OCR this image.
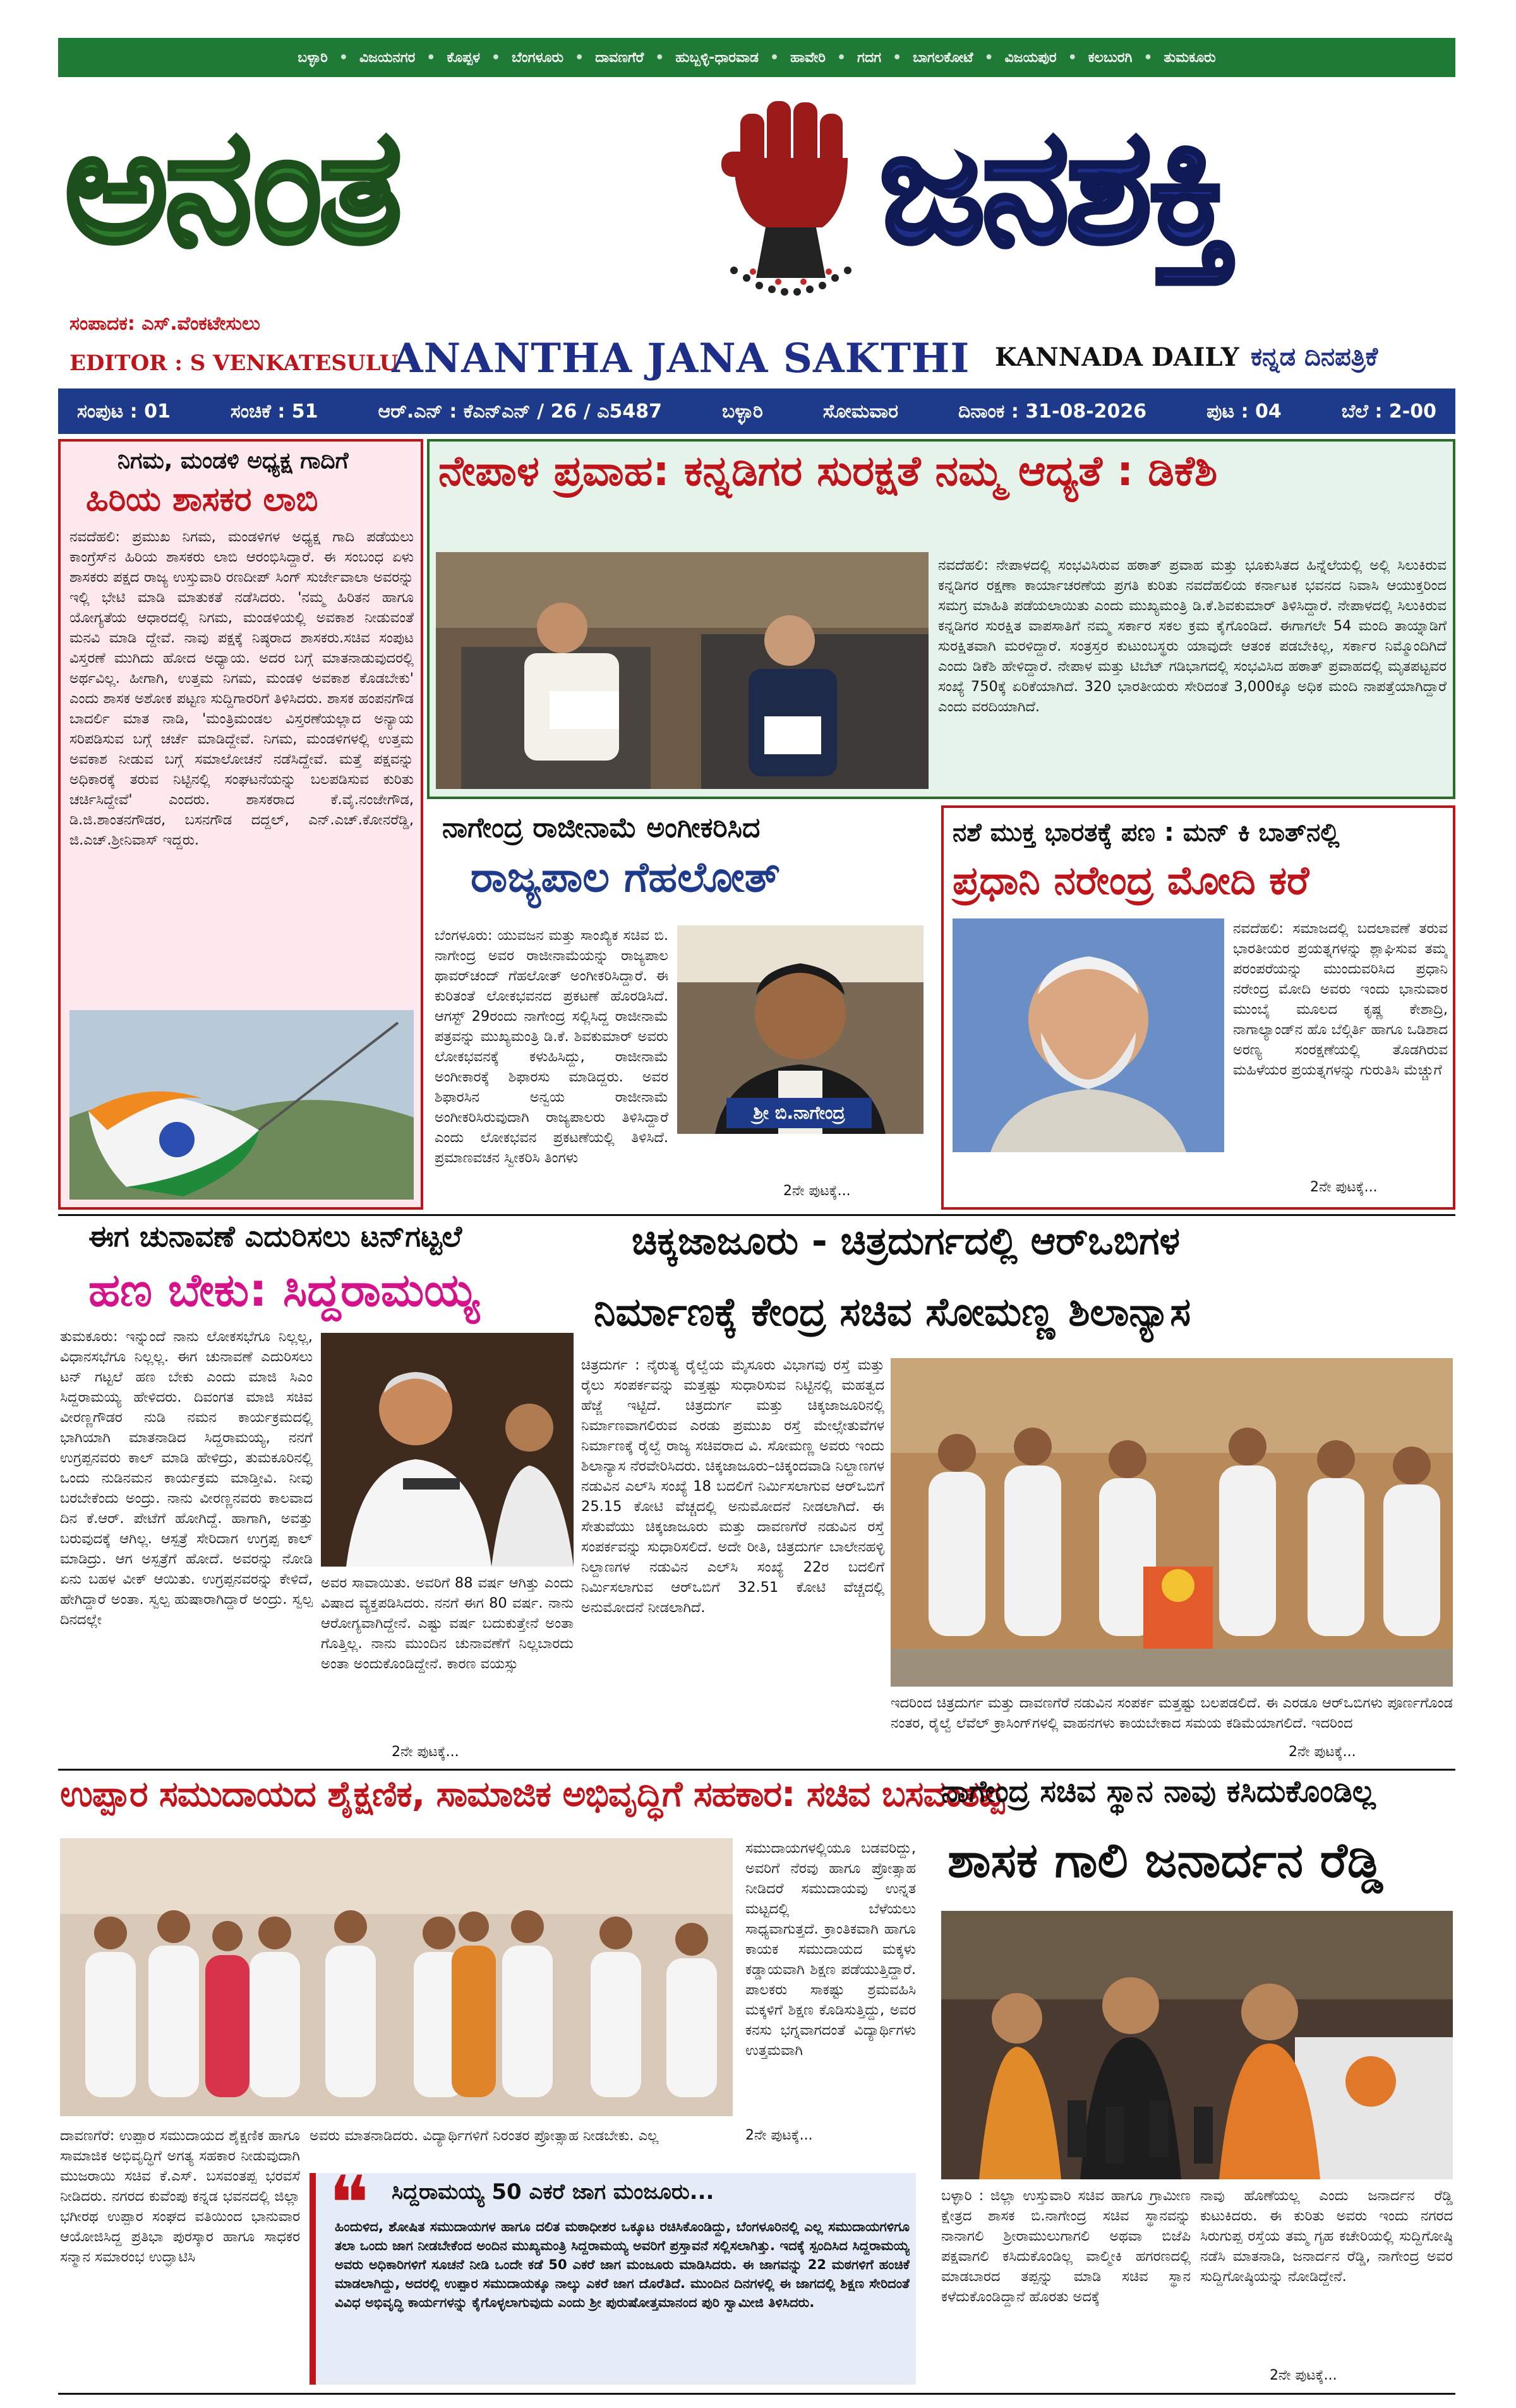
ಬಳ್ಳಾರಿ • ವಿಜಯನಗರ • ಕೊಪ್ಪಳ • ಬೆಂಗಳೂರು • ದಾವಣಗೆರೆ • ಹುಬ್ಬಳ್ಳಿ-ಧಾರವಾಡ • ಹಾವೇರಿ • ಗದಗ • ಬಾಗಲಕೋಟೆ • ವಿಜಯಪುರ • ಕಲಬುರಗಿ • ತುಮಕೂರು
ಅನಂತ	ಜನಶಕ್ತಿ
ಸಂಪಾದಕ: ಎಸ್.ವೆಂಕಟೇಸುಲು
EDITOR : S VENKATESULU
ANANTHA JANA SAKTHI KANNADA DAILY ಕನ್ನಡ ದಿನಪತ್ರಿಕೆ
ಸಂಪುಟ : 01	ಸಂಚಿಕೆ : 51	ಆರ್.ಎನ್ : ಕೆಎನ್ಎನ್ / 26 / ಎ5487	ಬಳ್ಳಾರಿ	ಸೋಮವಾರ	ದಿನಾಂಕ : 31-08-2026	ಪುಟ : 04	ಬೆಲೆ : 2-00
ನಿಗಮ, ಮಂಡಳಿ ಅಧ್ಯಕ್ಷ ಗಾದಿಗೆ
ಹಿರಿಯ ಶಾಸಕರ ಲಾಬಿ
ನವದೆಹಲಿ: ಪ್ರಮುಖ ನಿಗಮ, ಮಂಡಳಿಗಳ ಅಧ್ಯಕ್ಷ ಗಾದಿ ಪಡೆಯಲು ಕಾಂಗ್ರೆಸ್‌ನ ಹಿರಿಯ ಶಾಸಕರು ಲಾಬಿ ಆರಂಭಿಸಿದ್ದಾರೆ. ಈ ಸಂಬಂಧ ಏಳು ಶಾಸಕರು ಪಕ್ಷದ ರಾಜ್ಯ ಉಸ್ತುವಾರಿ ರಣದೀಪ್ ಸಿಂಗ್ ಸುರ್ಜೇವಾಲಾ ಅವರನ್ನು ಇಲ್ಲಿ ಭೇಟಿ ಮಾಡಿ ಮಾತುಕತೆ ನಡೆಸಿದರು. 'ನಮ್ಮ ಹಿರಿತನ ಹಾಗೂ ಯೋಗ್ಯತೆಯ ಆಧಾರದಲ್ಲಿ ನಿಗಮ, ಮಂಡಳಿಯಲ್ಲಿ ಅವಕಾಶ ನೀಡುವಂತೆ ಮನವಿ ಮಾಡಿ ದ್ದೇವೆ. ನಾವು ಪಕ್ಷಕ್ಕೆ ನಿಷ್ಠರಾದ ಶಾಸಕರು.ಸಚಿವ ಸಂಪುಟ ವಿಸ್ತರಣೆ ಮುಗಿದು ಹೋದ ಅಧ್ಯಾಯ. ಅದರ ಬಗ್ಗೆ ಮಾತನಾಡುವುದರಲ್ಲಿ ಅರ್ಥವಿಲ್ಲ. ಹೀಗಾಗಿ, ಉತ್ತಮ ನಿಗಮ, ಮಂಡಳಿ ಅವಕಾಶ ಕೊಡಬೇಕು' ಎಂದು ಶಾಸಕ ಅಶೋಕ ಪಟ್ಟಣ ಸುದ್ದಿಗಾರರಿಗೆ ತಿಳಿಸಿದರು. ಶಾಸಕ ಹಂಪನಗೌಡ ಬಾದರ್ಲಿ ಮಾತ ನಾಡಿ, 'ಮಂತ್ರಿಮಂಡಲ ವಿಸ್ತರಣೆಯಲ್ಲಾದ ಅನ್ಯಾಯ ಸರಿಪಡಿಸುವ ಬಗ್ಗೆ ಚರ್ಚೆ ಮಾಡಿದ್ದೇವೆ. ನಿಗಮ, ಮಂಡಳಿಗಳಲ್ಲಿ ಉತ್ತಮ ಅವಕಾಶ ನೀಡುವ ಬಗ್ಗೆ ಸಮಾಲೋಚನೆ ನಡೆಸಿದ್ದೇವೆ. ಮತ್ತೆ ಪಕ್ಷವನ್ನು ಅಧಿಕಾರಕ್ಕೆ ತರುವ ನಿಟ್ಟಿನಲ್ಲಿ ಸಂಘಟನೆಯನ್ನು ಬಲಪಡಿಸುವ ಕುರಿತು ಚರ್ಚಿಸಿದ್ದೇವೆ' ಎಂದರು. ಶಾಸಕರಾದ ಕೆ.ವೈ.ನಂಜೇಗೌಡ, ಡಿ.ಜಿ.ಶಾಂತನಗೌಡರ, ಬಸನಗೌಡ ದದ್ದಲ್, ಎನ್.ಎಚ್.ಕೋನರೆಡ್ಡಿ, ಜಿ.ಎಚ್.ಶ್ರೀನಿವಾಸ್ ಇದ್ದರು.
ನೇಪಾಳ ಪ್ರವಾಹ: ಕನ್ನಡಿಗರ ಸುರಕ್ಷತೆ ನಮ್ಮ ಆದ್ಯತೆ : ಡಿಕೆಶಿ
ನವದೆಹಲಿ: ನೇಪಾಳದಲ್ಲಿ ಸಂಭವಿಸಿರುವ ಹಠಾತ್ ಪ್ರವಾಹ ಮತ್ತು ಭೂಕುಸಿತದ ಹಿನ್ನೆಲೆಯಲ್ಲಿ ಅಲ್ಲಿ ಸಿಲುಕಿರುವ ಕನ್ನಡಿಗರ ರಕ್ಷಣಾ ಕಾರ್ಯಾಚರಣೆಯ ಪ್ರಗತಿ ಕುರಿತು ನವದೆಹಲಿಯ ಕರ್ನಾಟಕ ಭವನದ ನಿವಾಸಿ ಆಯುಕ್ತರಿಂದ ಸಮಗ್ರ ಮಾಹಿತಿ ಪಡೆಯಲಾಯಿತು ಎಂದು ಮುಖ್ಯಮಂತ್ರಿ ಡಿ.ಕೆ.ಶಿವಕುಮಾರ್ ತಿಳಿಸಿದ್ದಾರೆ. ನೇಪಾಳದಲ್ಲಿ ಸಿಲುಕಿರುವ ಕನ್ನಡಿಗರ ಸುರಕ್ಷಿತ ವಾಪಸಾತಿಗೆ ನಮ್ಮ ಸರ್ಕಾರ ಸಕಲ ಕ್ರಮ ಕೈಗೊಂಡಿದೆ. ಈಗಾಗಲೇ 54 ಮಂದಿ ತಾಯ್ನಾಡಿಗೆ ಸುರಕ್ಷಿತವಾಗಿ ಮರಳಿದ್ದಾರೆ. ಸಂತ್ರಸ್ತರ ಕುಟುಂಬಸ್ಥರು ಯಾವುದೇ ಆತಂಕ ಪಡಬೇಕಿಲ್ಲ, ಸರ್ಕಾರ ನಿಮ್ಮೊಂದಿಗಿದೆ ಎಂದು ಡಿಕೆಶಿ ಹೇಳಿದ್ದಾರೆ. ನೇಪಾಳ ಮತ್ತು ಟಿಬೆಟ್ ಗಡಿಭಾಗದಲ್ಲಿ ಸಂಭವಿಸಿದ ಹಠಾತ್ ಪ್ರವಾಹದಲ್ಲಿ ಮೃತಪಟ್ಟವರ ಸಂಖ್ಯೆ 750ಕ್ಕೆ ಏರಿಕೆಯಾಗಿದೆ. 320 ಭಾರತೀಯರು ಸೇರಿದಂತೆ 3,000ಕ್ಕೂ ಅಧಿಕ ಮಂದಿ ನಾಪತ್ತೆಯಾಗಿದ್ದಾರೆ ಎಂದು ವರದಿಯಾಗಿದೆ.
ನಾಗೇಂದ್ರ ರಾಜೀನಾಮೆ ಅಂಗೀಕರಿಸಿದ
ರಾಜ್ಯಪಾಲ ಗೆಹಲೋತ್
ಬೆಂಗಳೂರು: ಯುವಜನ ಮತ್ತು ಸಾಂಖ್ಯಿಕ ಸಚಿವ ಬಿ. ನಾಗೇಂದ್ರ ಅವರ ರಾಜೀನಾಮೆಯನ್ನು ರಾಜ್ಯಪಾಲ ಥಾವರ್‌ಚಂದ್ ಗೆಹಲೋತ್ ಅಂಗೀಕರಿಸಿದ್ದಾರೆ. ಈ ಕುರಿತಂತೆ ಲೋಕಭವನದ ಪ್ರಕಟಣೆ ಹೊರಡಿಸಿದೆ. ಆಗಸ್ಟ್ 29ರಂದು ನಾಗೇಂದ್ರ ಸಲ್ಲಿಸಿದ್ದ ರಾಜೀನಾಮೆ ಪತ್ರವನ್ನು ಮುಖ್ಯಮಂತ್ರಿ ಡಿ.ಕೆ. ಶಿವಕುಮಾರ್ ಅವರು ಲೋಕಭವನಕ್ಕೆ ಕಳುಹಿಸಿದ್ದು, ರಾಜೀನಾಮೆ ಅಂಗೀಕಾರಕ್ಕೆ ಶಿಫಾರಸು ಮಾಡಿದ್ದರು. ಅವರ ಶಿಫಾರಸಿನ ಅನ್ವಯ ರಾಜೀನಾಮೆ ಅಂಗೀಕರಿಸಿರುವುದಾಗಿ ರಾಜ್ಯಪಾಲರು ತಿಳಿಸಿದ್ದಾರೆ ಎಂದು ಲೋಕಭವನ ಪ್ರಕಟಣೆಯಲ್ಲಿ ತಿಳಿಸಿದೆ. ಪ್ರಮಾಣವಚನ ಸ್ವೀಕರಿಸಿ ತಿಂಗಳು
ಶ್ರೀ ಬಿ.ನಾಗೇಂದ್ರ
2ನೇ ಪುಟಕ್ಕೆ...
ನಶೆ ಮುಕ್ತ ಭಾರತಕ್ಕೆ ಪಣ : ಮನ್ ಕಿ ಬಾತ್‌ನಲ್ಲಿ
ಪ್ರಧಾನಿ ನರೇಂದ್ರ ಮೋದಿ ಕರೆ
ನವದೆಹಲಿ: ಸಮಾಜದಲ್ಲಿ ಬದಲಾವಣೆ ತರುವ ಭಾರತೀಯರ ಪ್ರಯತ್ನಗಳನ್ನು ಶ್ಲಾಘಿಸುವ ತಮ್ಮ ಪರಂಪರೆಯನ್ನು ಮುಂದುವರಿಸಿದ ಪ್ರಧಾನಿ ನರೇಂದ್ರ ಮೋದಿ ಅವರು ಇಂದು ಭಾನುವಾರ ಮುಂಬೈ ಮೂಲದ ಕೃಷ್ಣ ಕೇಶಾದ್ರಿ, ನಾಗಾಲ್ಯಾಂಡ್‌ನ ಹೊ ಬೆಲ್ಗಿರ್ತಿ ಹಾಗೂ ಒಡಿಶಾದ ಅರಣ್ಯ ಸಂರಕ್ಷಣೆಯಲ್ಲಿ ತೊಡಗಿರುವ ಮಹಿಳೆಯರ ಪ್ರಯತ್ನಗಳನ್ನು ಗುರುತಿಸಿ ಮೆಚ್ಚುಗೆ
2ನೇ ಪುಟಕ್ಕೆ...
ಈಗ ಚುನಾವಣೆ ಎದುರಿಸಲು ಟನ್‌ಗಟ್ಟಲೆ
ಹಣ ಬೇಕು: ಸಿದ್ದರಾಮಯ್ಯ
ತುಮಕೂರು: ಇನ್ನುಂದೆ ನಾನು ಲೋಕಸಭೆಗೂ ನಿಲ್ಲಲ್ಲ, ವಿಧಾನಸಭೆಗೂ ನಿಲ್ಲಲ್ಲ. ಈಗ ಚುನಾವಣೆ ಎದುರಿಸಲು ಟನ್ ಗಟ್ಟಲೆ ಹಣ ಬೇಕು ಎಂದು ಮಾಜಿ ಸಿಎಂ ಸಿದ್ದರಾಮಯ್ಯ ಹೇಳಿದರು. ದಿವಂಗತ ಮಾಜಿ ಸಚಿವ ವೀರಣ್ಣಗೌಡರ ನುಡಿ ನಮನ ಕಾರ್ಯಕ್ರಮದಲ್ಲಿ ಭಾಗಿಯಾಗಿ ಮಾತನಾಡಿದ ಸಿದ್ದರಾಮಯ್ಯ, ನನಗೆ ಉಗ್ರಪ್ಪನವರು ಕಾಲ್ ಮಾಡಿ ಹೇಳಿದ್ರು, ತುಮಕೂರಿನಲ್ಲಿ ಒಂದು ನುಡಿನಮನ ಕಾರ್ಯಕ್ರಮ ಮಾಡ್ತೀವಿ. ನೀವು ಬರಬೇಕೆಂದು ಅಂದ್ರು. ನಾನು ವೀರಣ್ಣನವರು ಕಾಲವಾದ ದಿನ ಕೆ.ಆರ್. ಪೇಟೆಗೆ ಹೋಗಿದ್ದೆ. ಹಾಗಾಗಿ, ಅವತ್ತು ಬರುವುದಕ್ಕೆ ಆಗಿಲ್ಲ. ಆಸ್ಪತ್ರೆ ಸೇರಿದಾಗ ಉಗ್ರಪ್ಪ ಕಾಲ್ ಮಾಡಿದ್ರು. ಆಗ ಅಸ್ಪತ್ರೆಗೆ ಹೋದೆ. ಅವರನ್ನು ನೋಡಿ ಏನು ಬಹಳ ವೀಕ್ ಆಯಿತು. ಉಗ್ರಪ್ಪನವರನ್ನು ಕೇಳಿದೆ, ಹೇಗಿದ್ದಾರೆ ಅಂತಾ. ಸ್ವಲ್ಪ ಹುಷಾರಾಗಿದ್ದಾರೆ ಅಂದ್ರು. ಸ್ವಲ್ಪ ದಿನದಲ್ಲೇ
ಅವರ ಸಾವಾಯಿತು. ಅವರಿಗೆ 88 ವರ್ಷ ಆಗಿತ್ತು ಎಂದು ವಿಷಾದ ವ್ಯಕ್ತಪಡಿಸಿದರು. ನನಗೆ ಈಗ 80 ವರ್ಷ. ನಾನು ಆರೋಗ್ಯವಾಗಿದ್ದೇನೆ. ಎಷ್ಟು ವರ್ಷ ಬದುಕುತ್ತೇನೆ ಅಂತಾ ಗೊತ್ತಿಲ್ಲ. ನಾನು ಮುಂದಿನ ಚುನಾವಣೆಗೆ ನಿಲ್ಲಬಾರದು ಅಂತಾ ಅಂದುಕೊಂಡಿದ್ದೇನೆ. ಕಾರಣ ವಯಸ್ಸು
2ನೇ ಪುಟಕ್ಕೆ...
ಚಿಕ್ಕಜಾಜೂರು - ಚಿತ್ರದುರ್ಗದಲ್ಲಿ ಆರ್‌ಒಬಿಗಳ
ನಿರ್ಮಾಣಕ್ಕೆ ಕೇಂದ್ರ ಸಚಿವ ಸೋಮಣ್ಣ ಶಿಲಾನ್ಯಾಸ
ಚಿತ್ರದುರ್ಗ : ನೈರುತ್ಯ ರೈಲ್ವೆಯ ಮೈಸೂರು ವಿಭಾಗವು ರಸ್ತೆ ಮತ್ತು ರೈಲು ಸಂಪರ್ಕವನ್ನು ಮತ್ತಷ್ಟು ಸುಧಾರಿಸುವ ನಿಟ್ಟಿನಲ್ಲಿ ಮಹತ್ವದ ಹೆಜ್ಜೆ ಇಟ್ಟಿದೆ. ಚಿತ್ರದುರ್ಗ ಮತ್ತು ಚಿಕ್ಕಜಾಜೂರಿನಲ್ಲಿ ನಿರ್ಮಾಣವಾಗಲಿರುವ ಎರಡು ಪ್ರಮುಖ ರಸ್ತೆ ಮೇಲ್ಸೇತುವೆಗಳ ನಿರ್ಮಾಣಕ್ಕೆ ರೈಲ್ವೆ ರಾಜ್ಯ ಸಚಿವರಾದ ವಿ. ಸೋಮಣ್ಣ ಅವರು ಇಂದು ಶಿಲಾನ್ಯಾಸ ನೆರವೇರಿಸಿದರು. ಚಿಕ್ಕಜಾಜೂರು–ಚಿಕ್ಕಂದವಾಡಿ ನಿಲ್ದಾಣಗಳ ನಡುವಿನ ಎಲ್‌ಸಿ ಸಂಖ್ಯೆ 18 ಬದಲಿಗೆ ನಿರ್ಮಿಸಲಾಗುವ ಆರ್‌ಒಬಿಗೆ 25.15 ಕೋಟಿ ವೆಚ್ಚದಲ್ಲಿ ಅನುಮೋದನೆ ನೀಡಲಾಗಿದೆ. ಈ ಸೇತುವೆಯು ಚಿಕ್ಕಜಾಜೂರು ಮತ್ತು ದಾವಣಗೆರೆ ನಡುವಿನ ರಸ್ತೆ ಸಂಪರ್ಕವನ್ನು ಸುಧಾರಿಸಲಿದೆ. ಅದೇ ರೀತಿ, ಚಿತ್ರದುರ್ಗ ಬಾಲೇನಹಳ್ಳಿ ನಿಲ್ದಾಣಗಳ ನಡುವಿನ ಎಲ್‌ಸಿ ಸಂಖ್ಯೆ 22ರ ಬದಲಿಗೆ ನಿರ್ಮಿಸಲಾಗುವ ಆರ್‌ಒಬಿಗೆ 32.51 ಕೋಟಿ ವೆಚ್ಚದಲ್ಲಿ ಅನುಮೋದನೆ ನೀಡಲಾಗಿದೆ.
ಇದರಿಂದ ಚಿತ್ರದುರ್ಗ ಮತ್ತು ದಾವಣಗೆರೆ ನಡುವಿನ ಸಂಪರ್ಕ ಮತ್ತಷ್ಟು ಬಲಪಡಲಿದೆ. ಈ ಎರಡೂ ಆರ್‌ಒಬಿಗಳು ಪೂರ್ಣಗೊಂಡ ನಂತರ, ರೈಲ್ವೆ ಲೆವೆಲ್ ಕ್ರಾಸಿಂಗ್‌ಗಳಲ್ಲಿ ವಾಹನಗಳು ಕಾಯಬೇಕಾದ ಸಮಯ ಕಡಿಮೆಯಾಗಲಿದೆ. ಇದರಿಂದ
2ನೇ ಪುಟಕ್ಕೆ...
ಉಪ್ಪಾರ ಸಮುದಾಯದ ಶೈಕ್ಷಣಿಕ, ಸಾಮಾಜಿಕ ಅಭಿವೃದ್ಧಿಗೆ ಸಹಕಾರ: ಸಚಿವ ಬಸವಂತಪ್ಪ
ಸಮುದಾಯಗಳಲ್ಲಿಯೂ ಬಡವರಿದ್ದು, ಅವರಿಗೆ ನೆರವು ಹಾಗೂ ಪ್ರೋತ್ಸಾಹ ನೀಡಿದರೆ ಸಮುದಾಯವು ಉನ್ನತ ಮಟ್ಟದಲ್ಲಿ ಬೆಳೆಯಲು ಸಾಧ್ಯವಾಗುತ್ತದೆ. ಕ್ರಾಂತಿಕವಾಗಿ ಹಾಗೂ ಕಾಯಕ ಸಮುದಾಯದ ಮಕ್ಕಳು ಕಡ್ಡಾಯವಾಗಿ ಶಿಕ್ಷಣ ಪಡೆಯುತ್ತಿದ್ದಾರೆ. ಪಾಲಕರು ಸಾಕಷ್ಟು ಶ್ರಮವಹಿಸಿ ಮಕ್ಕಳಿಗೆ ಶಿಕ್ಷಣ ಕೊಡಿಸುತ್ತಿದ್ದು, ಅವರ ಕನಸು ಭಗ್ನವಾಗದಂತೆ ವಿದ್ಯಾರ್ಥಿಗಳು ಉತ್ತಮವಾಗಿ
2ನೇ ಪುಟಕ್ಕೆ...
ದಾವಣಗೆರೆ: ಉಪ್ಪಾರ ಸಮುದಾಯದ ಶೈಕ್ಷಣಿಕ ಹಾಗೂ ಸಾಮಾಜಿಕ ಅಭಿವೃದ್ಧಿಗೆ ಅಗತ್ಯ ಸಹಕಾರ ನೀಡುವುದಾಗಿ ಮುಜರಾಯಿ ಸಚಿವ ಕೆ.ಎಸ್. ಬಸವಂತಪ್ಪ ಭರವಸೆ ನೀಡಿದರು. ನಗರದ ಕುವೆಂಪು ಕನ್ನಡ ಭವನದಲ್ಲಿ ಜಿಲ್ಲಾ ಭಗೀರಥ ಉಪ್ಪಾರ ಸಂಘದ ವತಿಯಿಂದ ಭಾನುವಾರ ಆಯೋಜಿಸಿದ್ದ ಪ್ರತಿಭಾ ಪುರಸ್ಕಾರ ಹಾಗೂ ಸಾಧಕರ ಸನ್ಮಾನ ಸಮಾರಂಭ ಉದ್ಘಾಟಿಸಿ
ಅವರು ಮಾತನಾಡಿದರು. ವಿದ್ಯಾರ್ಥಿಗಳಿಗೆ ನಿರಂತರ ಪ್ರೋತ್ಸಾಹ ನೀಡಬೇಕು. ಎಲ್ಲ
❝ ಸಿದ್ದರಾಮಯ್ಯ 50 ಎಕರೆ ಜಾಗ ಮಂಜೂರು...
ಹಿಂದುಳಿದ, ಶೋಷಿತ ಸಮುದಾಯಗಳ ಹಾಗೂ ದಲಿತ ಮಠಾಧೀಶರ ಒಕ್ಕೂಟ ರಚಿಸಿಕೊಂಡಿದ್ದು, ಬೆಂಗಳೂರಿನಲ್ಲಿ ಎಲ್ಲ ಸಮುದಾಯಗಳಿಗೂ ತಲಾ ಒಂದು ಜಾಗ ನೀಡಬೇಕೆಂದ ಅಂದಿನ ಮುಖ್ಯಮಂತ್ರಿ ಸಿದ್ದರಾಮಯ್ಯ ಅವರಿಗೆ ಪ್ರಸ್ತಾವನೆ ಸಲ್ಲಿಸಲಾಗಿತ್ತು. ಇದಕ್ಕೆ ಸ್ಪಂದಿಸಿದ ಸಿದ್ದರಾಮಯ್ಯ ಅವರು ಅಧಿಕಾರಿಗಳಿಗೆ ಸೂಚನೆ ನೀಡಿ ಒಂದೇ ಕಡೆ 50 ಎಕರೆ ಜಾಗ ಮಂಜೂರು ಮಾಡಿಸಿದರು. ಈ ಜಾಗವನ್ನು 22 ಮಠಗಳಿಗೆ ಹಂಚಿಕೆ ಮಾಡಲಾಗಿದ್ದು, ಅದರಲ್ಲಿ ಉಪ್ಪಾರ ಸಮುದಾಯಕ್ಕೂ ನಾಲ್ಕು ಎಕರೆ ಜಾಗ ದೊರೆತಿದೆ. ಮುಂದಿನ ದಿನಗಳಲ್ಲಿ ಈ ಜಾಗದಲ್ಲಿ ಶಿಕ್ಷಣ ಸೇರಿದಂತೆ ವಿವಿಧ ಅಭಿವೃದ್ಧಿ ಕಾರ್ಯಗಳನ್ನು ಕೈಗೊಳ್ಳಲಾಗುವುದು ಎಂದು ಶ್ರೀ ಪುರುಷೋತ್ತಮಾನಂದ ಪುರಿ ಸ್ವಾಮೀಜಿ ತಿಳಿಸಿದರು.
ನಾಗೇಂದ್ರ ಸಚಿವ ಸ್ಥಾನ ನಾವು ಕಸಿದುಕೊಂಡಿಲ್ಲ
ಶಾಸಕ ಗಾಲಿ ಜನಾರ್ದನ ರೆಡ್ಡಿ
ಬಳ್ಳಾರಿ : ಜಿಲ್ಲಾ ಉಸ್ತುವಾರಿ ಸಚಿವ ಹಾಗೂ ಗ್ರಾಮೀಣ ಕ್ಷೇತ್ರದ ಶಾಸಕ ಬಿ.ನಾಗೇಂದ್ರ ಸಚಿವ ಸ್ಥಾನವನ್ನು ನಾನಾಗಲಿ ಶ್ರೀರಾಮುಲುಗಾಗಲಿ ಅಥವಾ ಬಿಜೆಪಿ ಪಕ್ಷವಾಗಲಿ ಕಸಿದುಕೊಂಡಿಲ್ಲ ವಾಲ್ಮೀಕಿ ಹಗರಣದಲ್ಲಿ ಮಾಡಬಾರದ ತಪ್ಪನ್ನು ಮಾಡಿ ಸಚಿವ ಸ್ಥಾನ ಕಳೆದುಕೊಂಡಿದ್ದಾನೆ ಹೊರತು ಅದಕ್ಕೆ
ನಾವು ಹೊಣೆಯಲ್ಲ ಎಂದು ಜನಾರ್ದನ ರೆಡ್ಡಿ ಕುಟುಕಿದರು. ಈ ಕುರಿತು ಅವರು ಇಂದು ನಗರದ ಸಿರುಗುಪ್ಪ ರಸ್ತೆಯ ತಮ್ಮ ಗೃಹ ಕಚೇರಿಯಲ್ಲಿ ಸುದ್ದಿಗೋಷ್ಠಿ ನಡೆಸಿ ಮಾತನಾಡಿ, ಜನಾರ್ದನ ರೆಡ್ಡಿ, ನಾಗೇಂದ್ರ ಅವರ ಸುದ್ದಿಗೋಷ್ಠಿಯನ್ನು ನೋಡಿದ್ದೇನೆ.
2ನೇ ಪುಟಕ್ಕೆ...
